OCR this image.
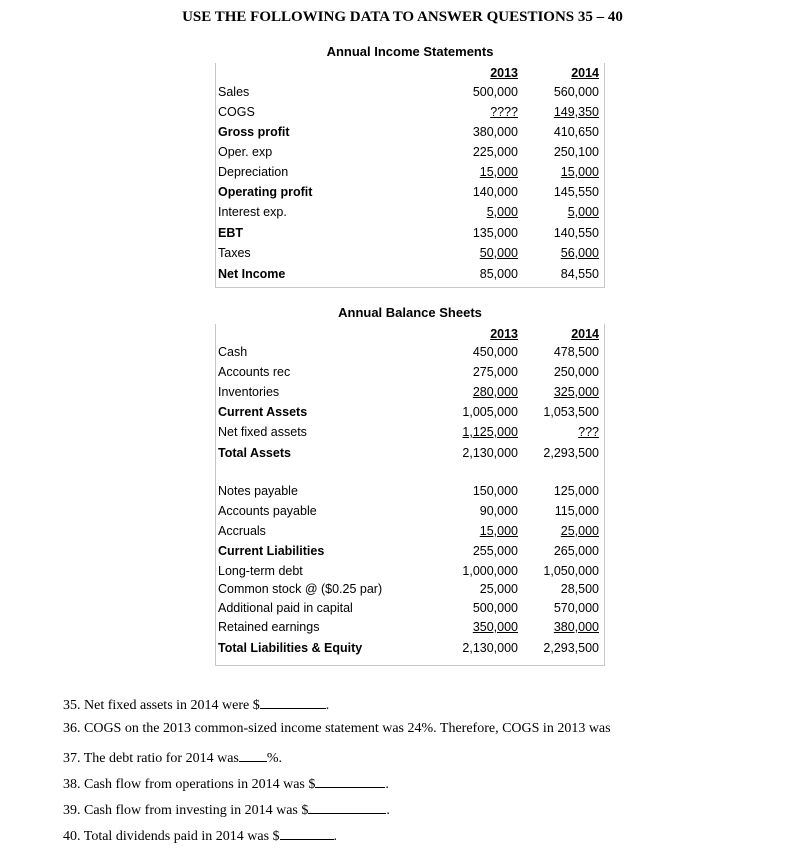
USE THE FOLLOWING DATA TO ANSWER QUESTIONS 35 – 40
Annual Income Statements
2013	2014
Sales	500,000	560,000
COGS	????	149,350
Gross profit	380,000	410,650
Oper. exp	225,000	250,100
Depreciation	15,000	15,000
Operating profit	140,000	145,550
Interest exp.	5,000	5,000
EBT	135,000	140,550
Taxes	50,000	56,000
Net Income	85,000	84,550
Annual Balance Sheets
2013	2014
Cash	450,000	478,500
Accounts rec	275,000	250,000
Inventories	280,000	325,000
Current Assets	1,005,000 1,053,500
Net fixed assets	1,125,000	???
Total Assets	2,130,000 2,293,500
Notes payable	150,000	125,000
Accounts payable	90,000	115,000
Accruals	15,000	25,000
Current Liabilities	255,000	265,000
Long-term debt	1,000,000 1,050,000
Common stock @ ($0.25 par)	25,000	28,500
Additional paid in capital	500,000	570,000
Retained earnings	350,000	380,000
Total Liabilities & Equity	2,130,000 2,293,500
35. Net fixed assets in 2014 were $	.
36. COGS on the 2013 common-sized income statement was 24%. Therefore, COGS in 2013 was
37. The debt ratio for 2014 was %.
38. Cash flow from operations in 2014 was $	.
39. Cash flow from investing in 2014 was $	.
40. Total dividends paid in 2014 was $	.
